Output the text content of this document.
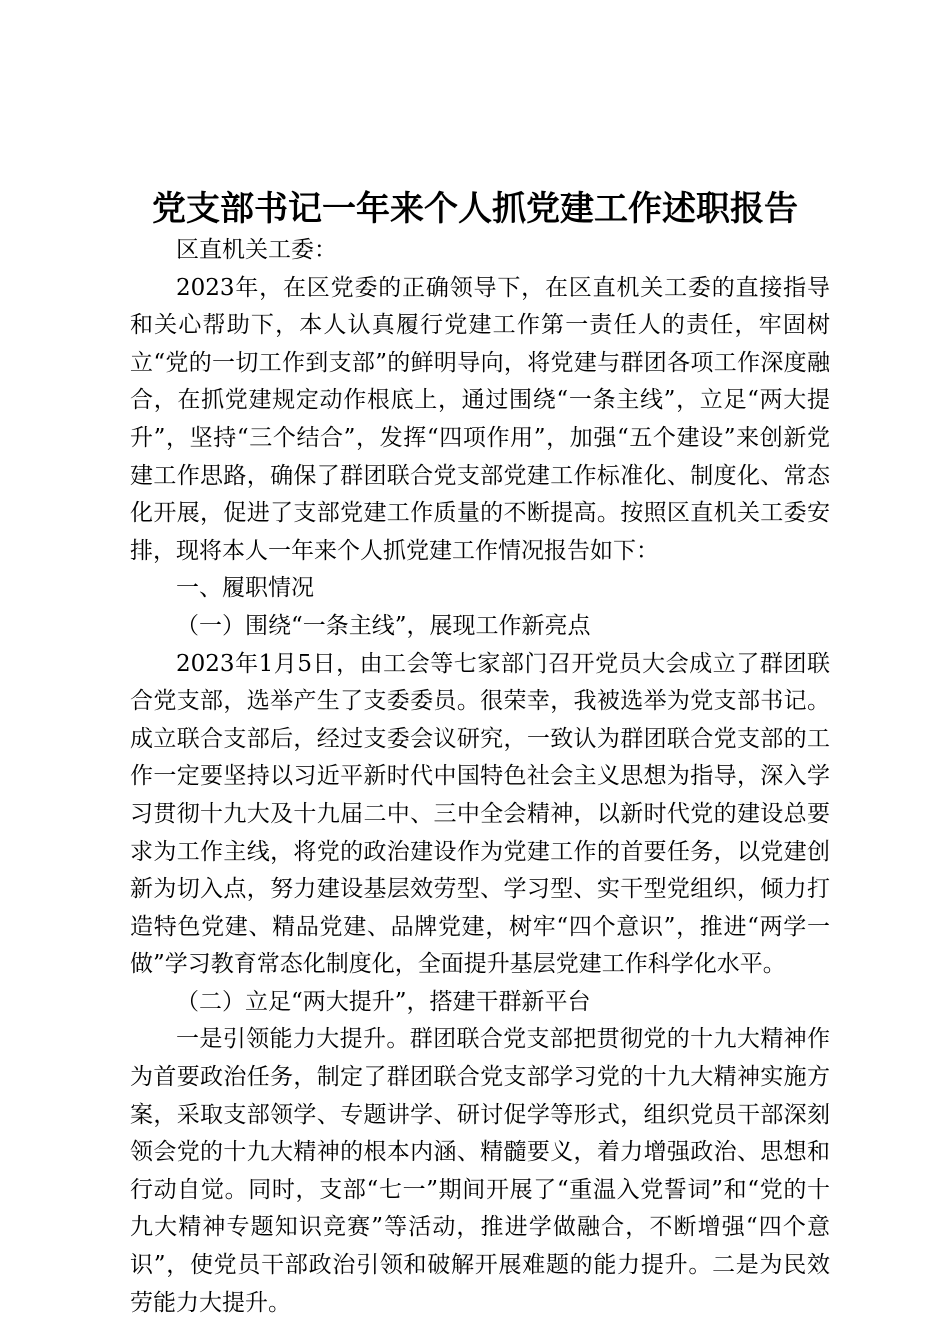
党支部书记一年来个人抓党建工作述职报告

区直机关工委：

2023年，在区党委的正确领导下，在区直机关工委的直接指导和关心帮助下，本人认真履行党建工作第一责任人的责任，牢固树立“党的一切工作到支部”的鲜明导向，将党建与群团各项工作深度融合，在抓党建规定动作根底上，通过围绕“一条主线”，立足“两大提升”，坚持“三个结合”，发挥“四项作用”，加强“五个建设”来创新党建工作思路，确保了群团联合党支部党建工作标准化、制度化、常态化开展，促进了支部党建工作质量的不断提高。按照区直机关工委安排，现将本人一年来个人抓党建工作情况报告如下：

一、履职情况

（一）围绕“一条主线”，展现工作新亮点

2023年1月5日，由工会等七家部门召开党员大会成立了群团联合党支部，选举产生了支委委员。很荣幸，我被选举为党支部书记。成立联合支部后，经过支委会议研究，一致认为群团联合党支部的工作一定要坚持以习近平新时代中国特色社会主义思想为指导，深入学习贯彻十九大及十九届二中、三中全会精神，以新时代党的建设总要求为工作主线，将党的政治建设作为党建工作的首要任务，以党建创新为切入点，努力建设基层效劳型、学习型、实干型党组织，倾力打造特色党建、精品党建、品牌党建，树牢“四个意识”，推进“两学一做”学习教育常态化制度化，全面提升基层党建工作科学化水平。

（二）立足“两大提升”，搭建干群新平台

一是引领能力大提升。群团联合党支部把贯彻党的十九大精神作为首要政治任务，制定了群团联合党支部学习党的十九大精神实施方案，采取支部领学、专题讲学、研讨促学等形式，组织党员干部深刻领会党的十九大精神的根本内涵、精髓要义，着力增强政治、思想和行动自觉。同时，支部“七一”期间开展了“重温入党誓词”和“党的十九大精神专题知识竞赛”等活动，推进学做融合，不断增强“四个意识”，使党员干部政治引领和破解开展难题的能力提升。二是为民效劳能力大提升。
